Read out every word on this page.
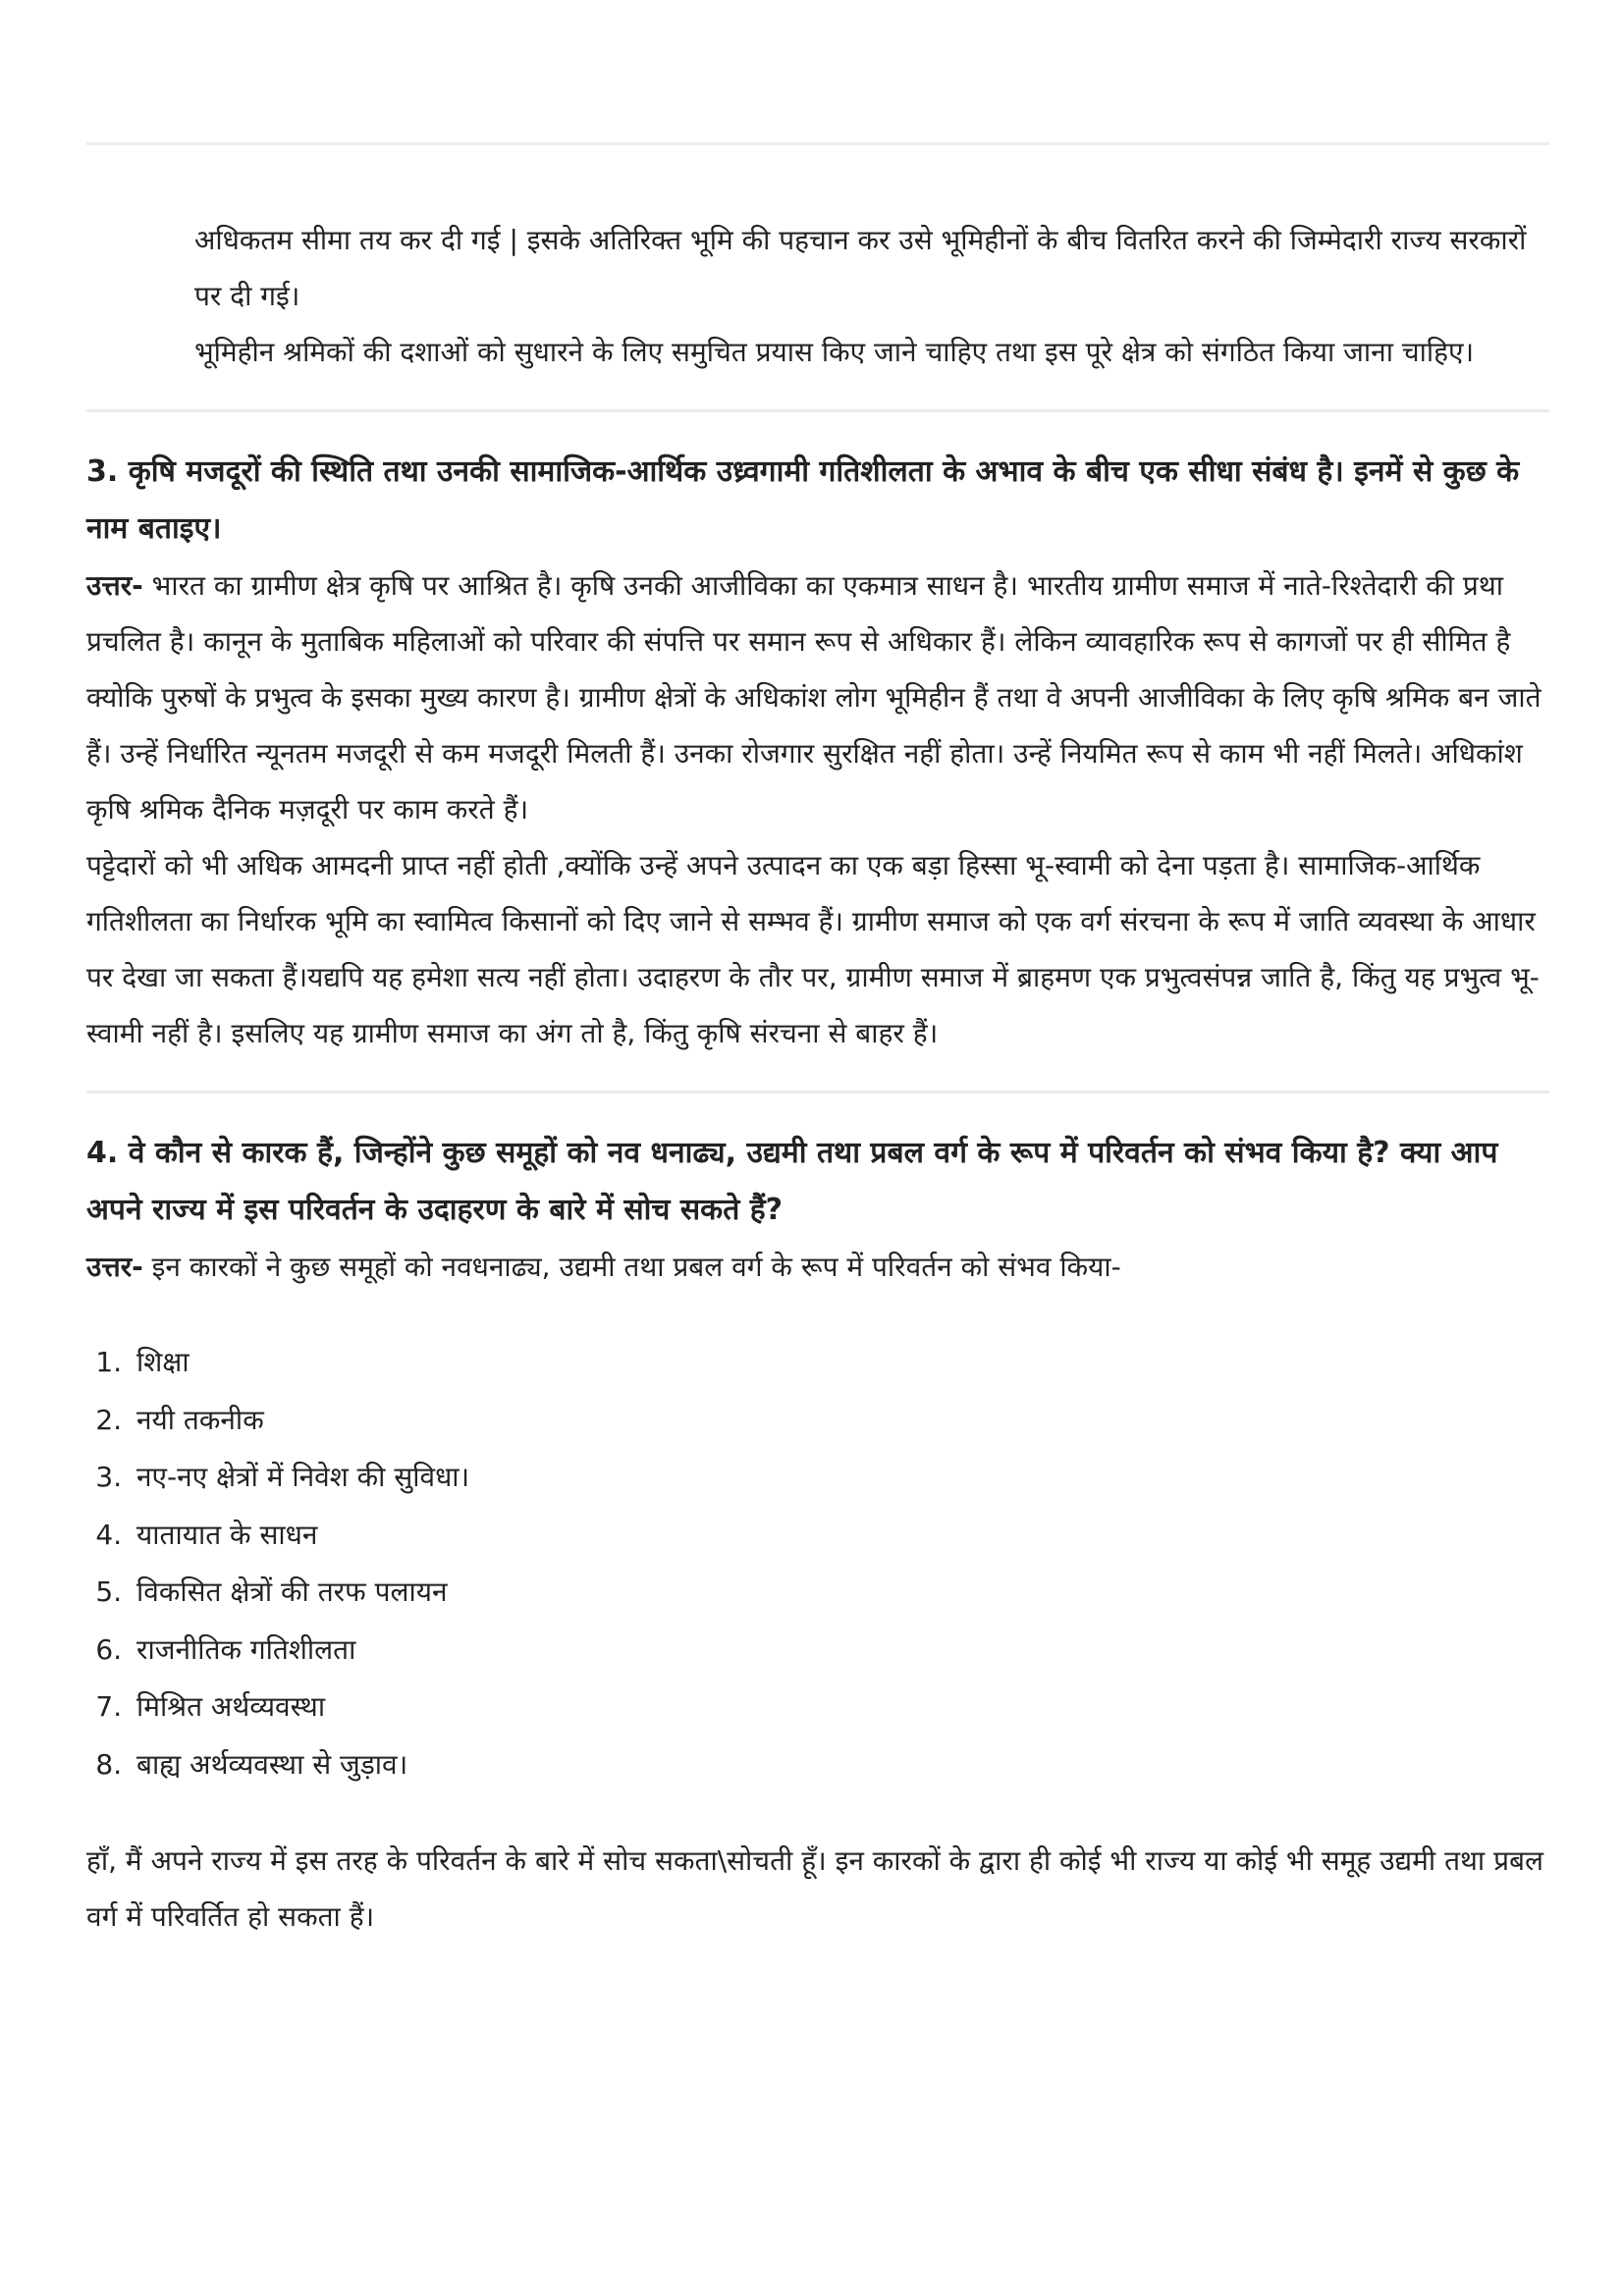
अधिकतम सीमा तय कर दी गई | इसके अतिरिक्त भूमि की पहचान कर उसे भूमिहीनों के बीच वितरित करने की जिम्मेदारी राज्य सरकारों पर दी गई।

भूमिहीन श्रमिकों की दशाओं को सुधारने के लिए समुचित प्रयास किए जाने चाहिए तथा इस पूरे क्षेत्र को संगठित किया जाना चाहिए।

3. कृषि मजदूरों की स्थिति तथा उनकी सामाजिक-आर्थिक उध्र्वगामी गतिशीलता के अभाव के बीच एक सीधा संबंध है। इनमें से कुछ के नाम बताइए।

उत्तर- भारत का ग्रामीण क्षेत्र कृषि पर आश्रित है। कृषि उनकी आजीविका का एकमात्र साधन है। भारतीय ग्रामीण समाज में नाते-रिश्तेदारी की प्रथा प्रचलित है। कानून के मुताबिक महिलाओं को परिवार की संपत्ति पर समान रूप से अधिकार हैं। लेकिन व्यावहारिक रूप से कागजों पर ही सीमित है क्योकि पुरुषों के प्रभुत्व के इसका मुख्य कारण है। ग्रामीण क्षेत्रों के अधिकांश लोग भूमिहीन हैं तथा वे अपनी आजीविका के लिए कृषि श्रमिक बन जाते हैं। उन्हें निर्धारित न्यूनतम मजदूरी से कम मजदूरी मिलती हैं। उनका रोजगार सुरक्षित नहीं होता। उन्हें नियमित रूप से काम भी नहीं मिलते। अधिकांश कृषि श्रमिक दैनिक मज़दूरी पर काम करते हैं।

पट्टेदारों को भी अधिक आमदनी प्राप्त नहीं होती ,क्योंकि उन्हें अपने उत्पादन का एक बड़ा हिस्सा भू-स्वामी को देना पड़ता है। सामाजिक-आर्थिक गतिशीलता का निर्धारक भूमि का स्वामित्व किसानों को दिए जाने से सम्भव हैं। ग्रामीण समाज को एक वर्ग संरचना के रूप में जाति व्यवस्था के आधार पर देखा जा सकता हैं।यद्यपि यह हमेशा सत्य नहीं होता। उदाहरण के तौर पर, ग्रामीण समाज में ब्राहमण एक प्रभुत्वसंपन्न जाति है, किंतु यह प्रभुत्व भू-स्वामी नहीं है। इसलिए यह ग्रामीण समाज का अंग तो है, किंतु कृषि संरचना से बाहर हैं।

4. वे कौन से कारक हैं, जिन्होंने कुछ समूहों को नव धनाढ्य, उद्यमी तथा प्रबल वर्ग के रूप में परिवर्तन को संभव किया है? क्या आप अपने राज्य में इस परिवर्तन के उदाहरण के बारे में सोच सकते हैं?

उत्तर- इन कारकों ने कुछ समूहों को नवधनाढ्य, उद्यमी तथा प्रबल वर्ग के रूप में परिवर्तन को संभव किया-

1. शिक्षा
2. नयी तकनीक
3. नए-नए क्षेत्रों में निवेश की सुविधा।
4. यातायात के साधन
5. विकसित क्षेत्रों की तरफ पलायन
6. राजनीतिक गतिशीलता
7. मिश्रित अर्थव्यवस्था
8. बाह्य अर्थव्यवस्था से जुड़ाव।

हाँ, मैं अपने राज्य में इस तरह के परिवर्तन के बारे में सोच सकता\सोचती हूँ। इन कारकों के द्वारा ही कोई भी राज्य या कोई भी समूह उद्यमी तथा प्रबल वर्ग में परिवर्तित हो सकता हैं।
